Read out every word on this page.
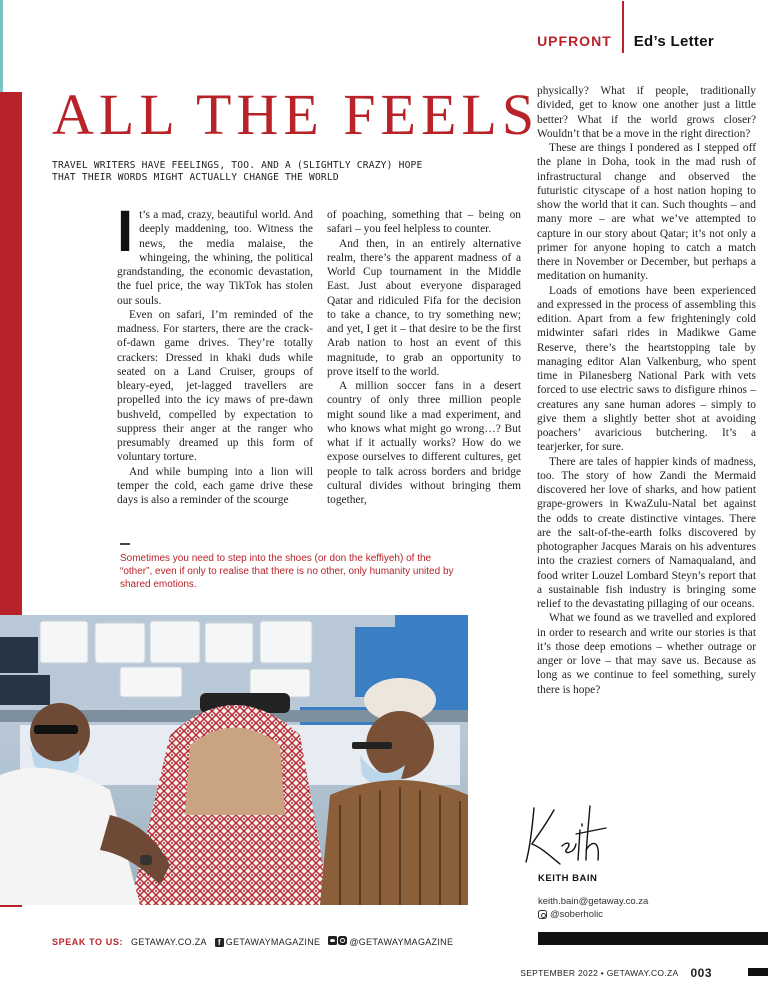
UPFRONT Ed’s Letter
ALL THE FEELS
TRAVEL WRITERS HAVE FEELINGS, TOO. AND A (SLIGHTLY CRAZY) HOPE THAT THEIR WORDS MIGHT ACTUALLY CHANGE THE WORLD

It’s a mad, crazy, beautiful world. And deeply maddening, too. Witness the news, the media malaise, the whingeing, the whining, the political grandstanding, the economic devastation, the fuel price, the way TikTok has stolen our souls.

Even on safari, I’m reminded of the madness. For starters, there are the crack-of-dawn game drives. They’re totally crackers: Dressed in khaki duds while seated on a Land Cruiser, groups of bleary-eyed, jet-lagged travellers are propelled into the icy maws of pre-dawn bushveld, compelled by expectation to suppress their anger at the ranger who presumably dreamed up this form of voluntary torture.

And while bumping into a lion will temper the cold, each game drive these days is also a reminder of the scourge

of poaching, something that – being on safari – you feel helpless to counter.

And then, in an entirely alternative realm, there’s the apparent madness of a World Cup tournament in the Middle East. Just about everyone disparaged Qatar and ridiculed Fifa for the decision to take a chance, to try something new; and yet, I get it – that desire to be the first Arab nation to host an event of this magnitude, to grab an opportunity to prove itself to the world.

A million soccer fans in a desert country of only three million people might sound like a mad experiment, and who knows what might go wrong…? But what if it actually works? How do we expose ourselves to different cultures, get people to talk across borders and bridge cultural divides without bringing them together,

physically? What if people, traditionally divided, get to know one another just a little better? What if the world grows closer? Wouldn’t that be a move in the right direction?

These are things I pondered as I stepped off the plane in Doha, took in the mad rush of infrastructural change and observed the futuristic cityscape of a host nation hoping to show the world that it can. Such thoughts – and many more – are what we’ve attempted to capture in our story about Qatar; it’s not only a primer for anyone hoping to catch a match there in November or December, but perhaps a meditation on humanity.

Loads of emotions have been experienced and expressed in the process of assembling this edition. Apart from a few frighteningly cold midwinter safari rides in Madikwe Game Reserve, there’s the heartstopping tale by managing editor Alan Valkenburg, who spent time in Pilanesberg National Park with vets forced to use electric saws to disfigure rhinos – creatures any sane human adores – simply to give them a slightly better shot at avoiding poachers’ avaricious butchering. It’s a tearjerker, for sure.

There are tales of happier kinds of madness, too. The story of how Zandi the Mermaid discovered her love of sharks, and how patient grape-growers in KwaZulu-Natal bet against the odds to create distinctive vintages. There are the salt-of-the-earth folks discovered by photographer Jacques Marais on his adventures into the craziest corners of Namaqualand, and food writer Louzel Lombard Steyn’s report that a sustainable fish industry is bringing some relief to the devastating pillaging of our oceans.

What we found as we travelled and explored in order to research and write our stories is that it’s those deep emotions – whether outrage or anger or love – that may save us. Because as long as we continue to feel something, surely there is hope?

Sometimes you need to step into the shoes (or don the keffiyeh) of the “other”, even if only to realise that there is no other, only humanity united by shared emotions.
KEITH BAIN
keith.bain@getaway.co.za
@soberholic
SPEAK TO US: GETAWAY.CO.ZA	f GETAWAYMAGAZINE	@GETAWAYMAGAZINE
SEPTEMBER 2022 • GETAWAY.CO.ZA 003
